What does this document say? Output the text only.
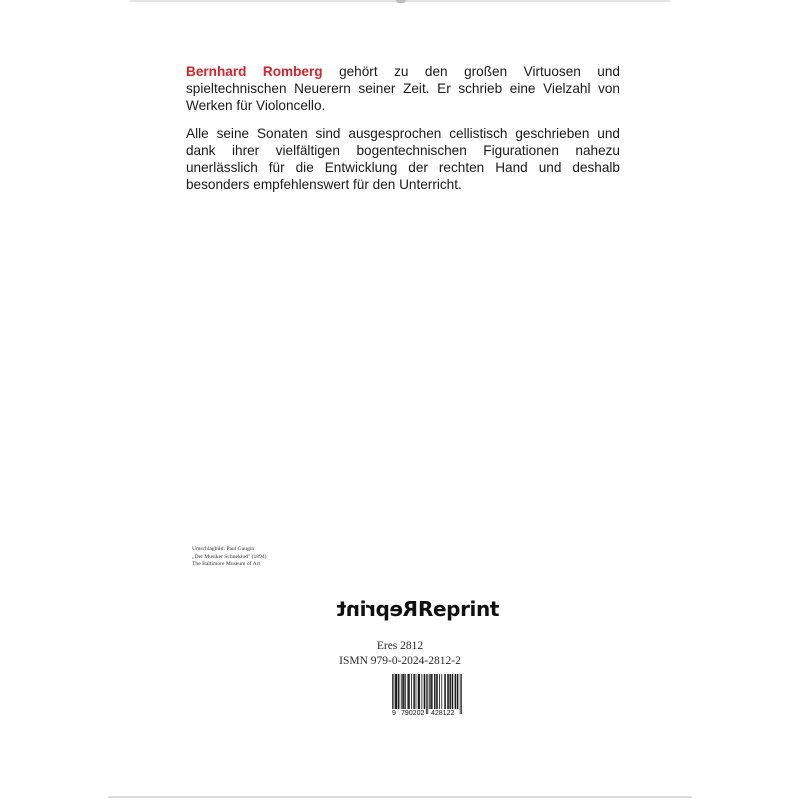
Bernhard Romberg gehört zu den großen Virtuosen und spieltechnischen Neuerern seiner Zeit. Er schrieb eine Vielzahl von Werken für Violoncello.

Alle seine Sonaten sind ausgesprochen cellistisch geschrieben und dank ihrer vielfältigen bogentechnischen Figurationen nahezu unerlässlich für die Entwicklung der rechten Hand und deshalb besonders empfehlenswert für den Unterricht.

Umschlagbild: Paul Gaugin
„Der Musiker Schneklud" (1894)
The Baltimore Museum of Art
ReprintReprint
Eres 2812
ISMN 979-0-2024-2812-2
9 790202 428122
